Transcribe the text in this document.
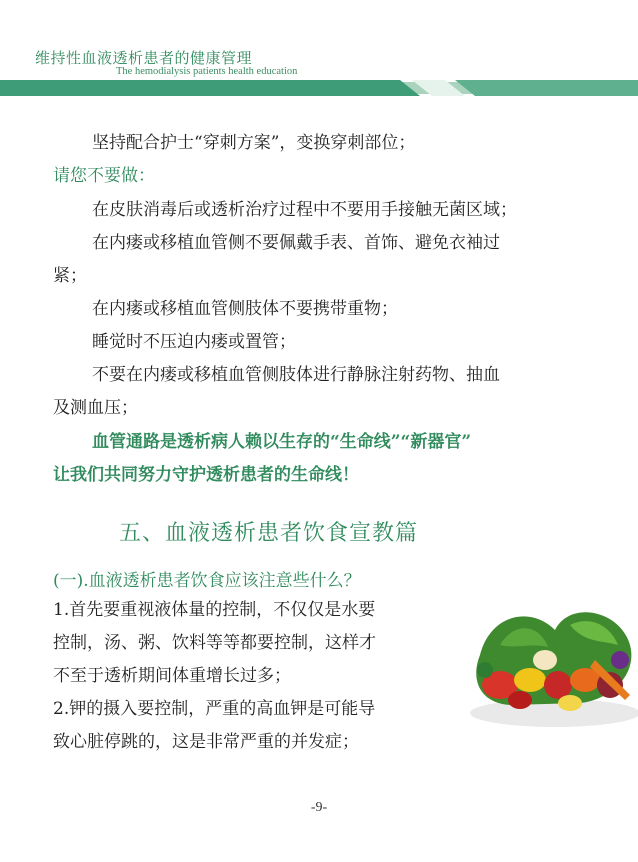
维持性血液透析患者的健康管理
The hemodialysis patients health education
坚持配合护士“穿刺方案”，变换穿刺部位；
请您不要做：
在皮肤消毒后或透析治疗过程中不要用手接触无菌区域；
在内瘘或移植血管侧不要佩戴手表、首饰、避免衣袖过
紧；
在内瘘或移植血管侧肢体不要携带重物；
睡觉时不压迫内瘘或置管；
不要在内瘘或移植血管侧肢体进行静脉注射药物、抽血
及测血压；
血管通路是透析病人赖以生存的“生命线”“新器官”
让我们共同努力守护透析患者的生命线！
五、血液透析患者饮食宣教篇
(一).血液透析患者饮食应该注意些什么？
1.首先要重视液体量的控制，不仅仅是水要
控制，汤、粥、饮料等等都要控制，这样才
不至于透析期间体重增长过多；
2.钾的摄入要控制，严重的高血钾是可能导
致心脏停跳的，这是非常严重的并发症；
-9-
